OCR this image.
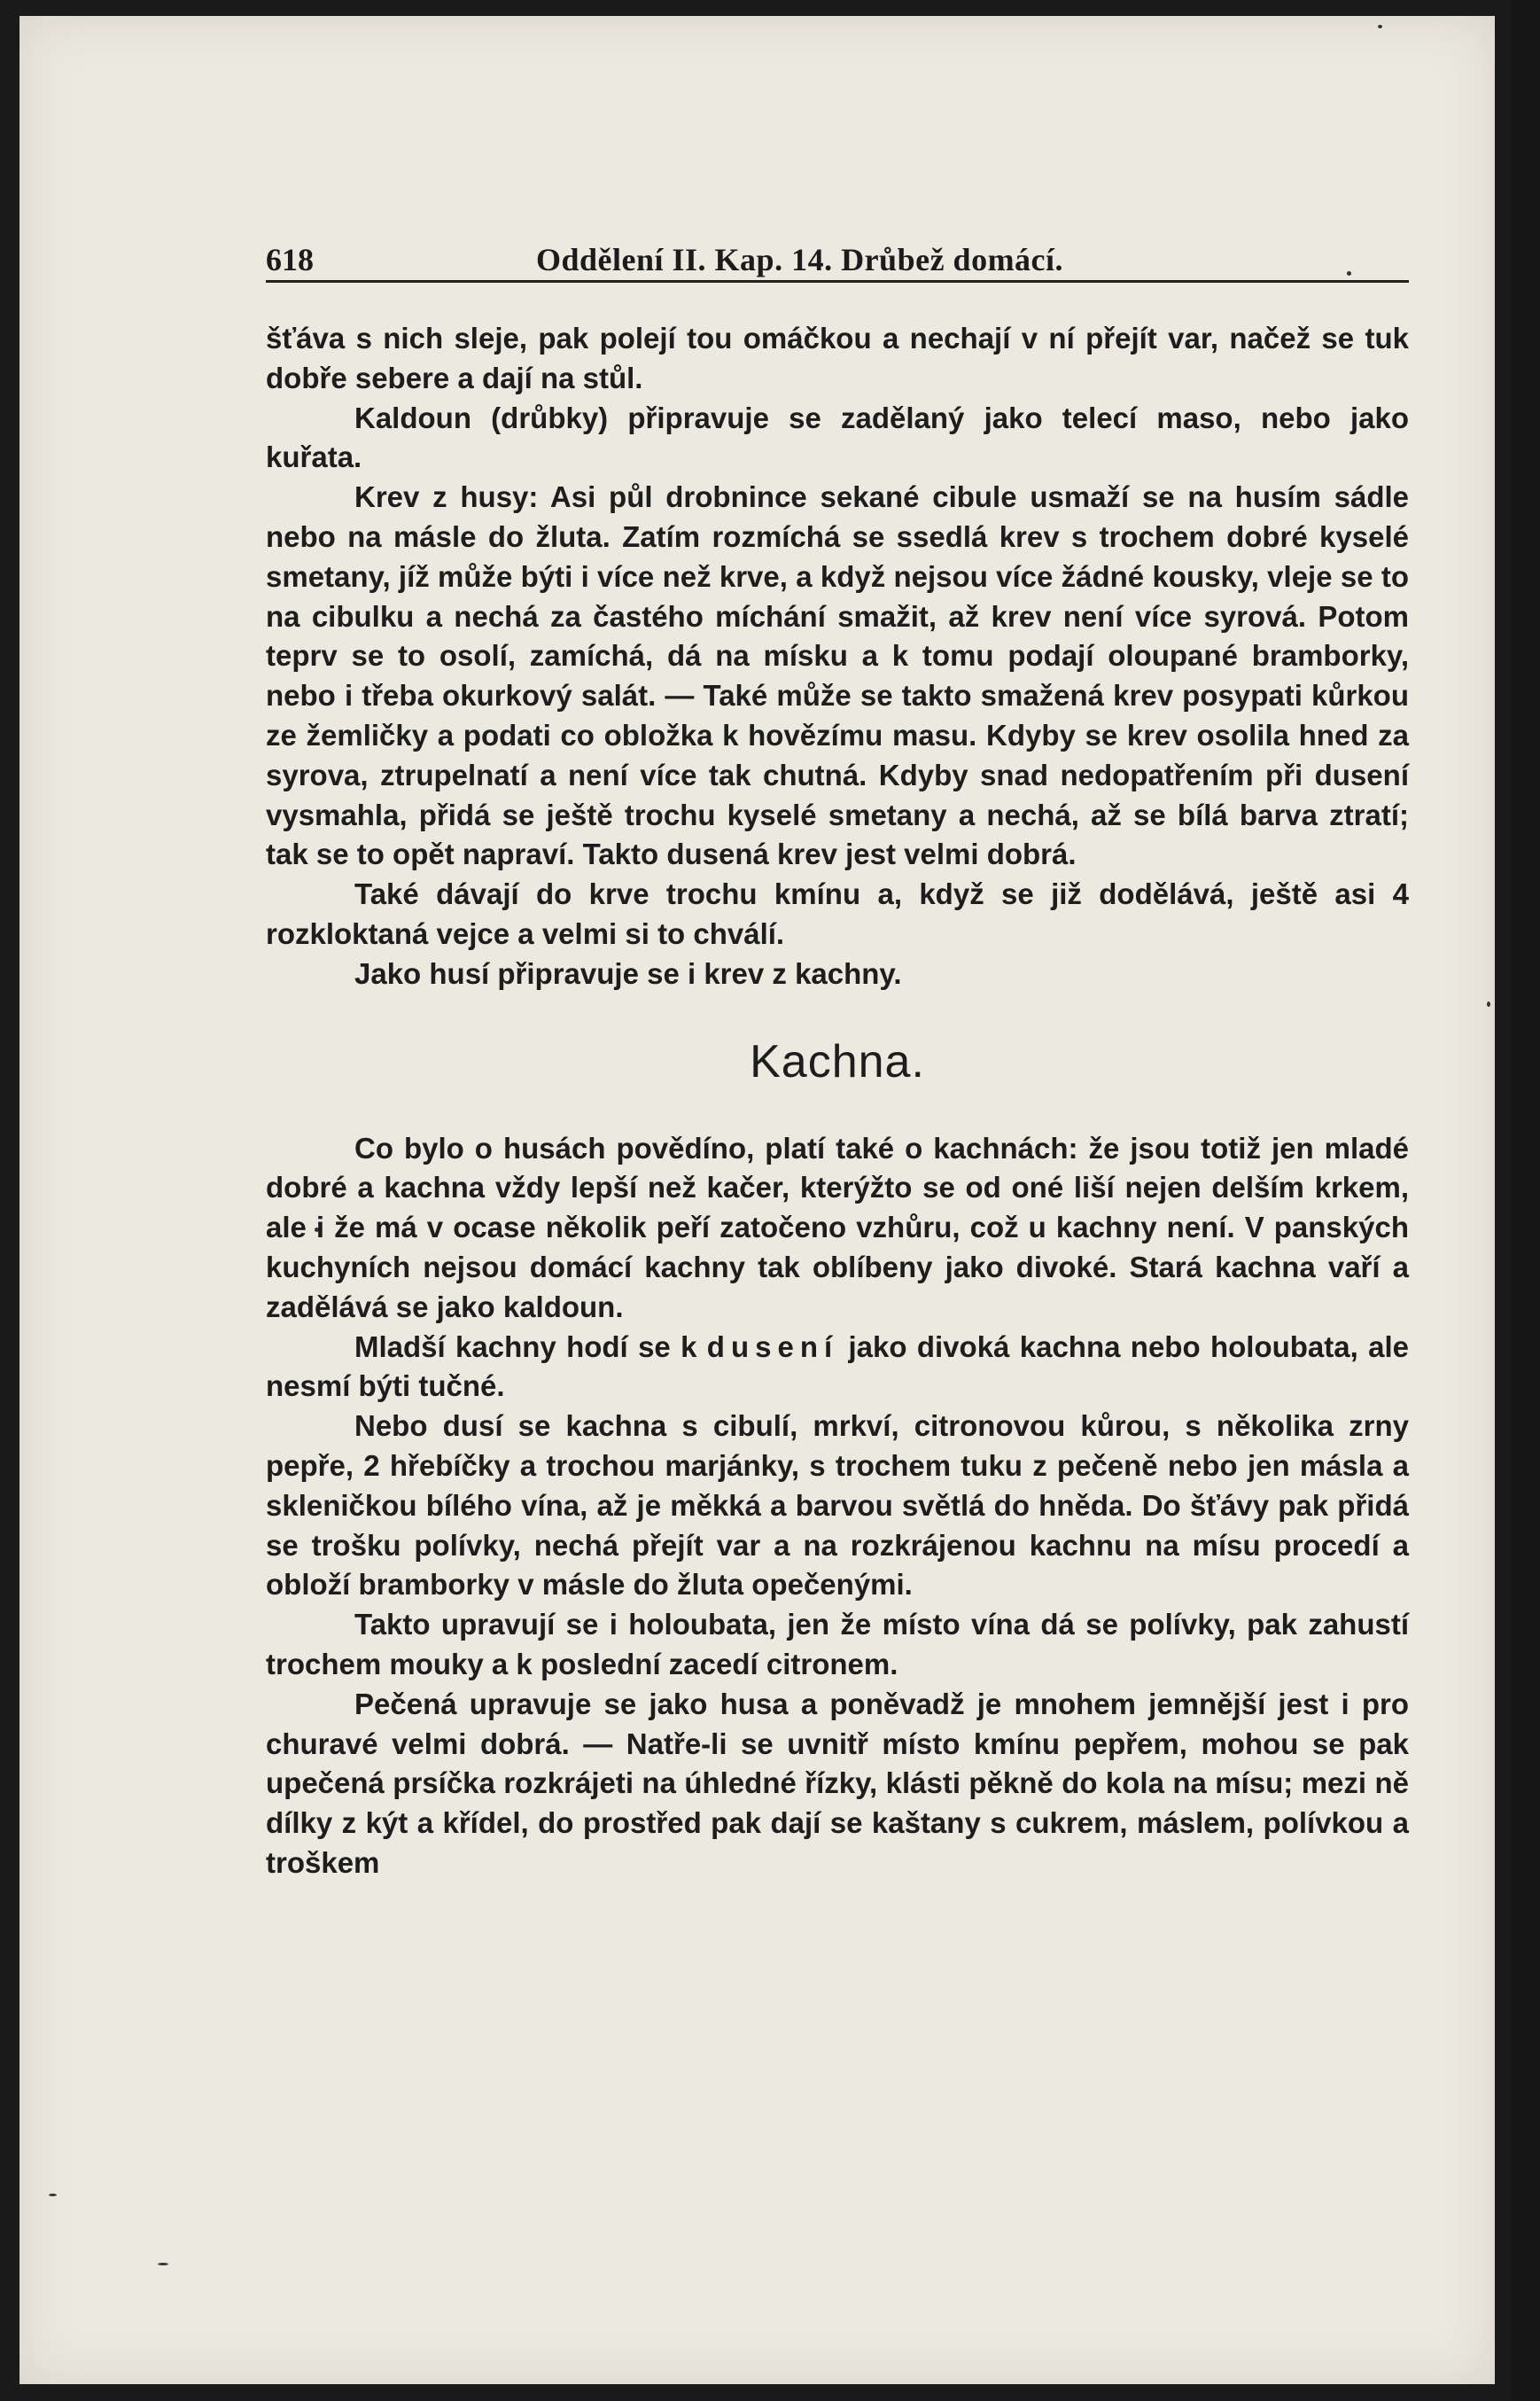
618	Oddělení II. Kap. 14. Drůbež domácí.

šťáva s nich sleje, pak polejí tou omáčkou a nechají v ní přejít var, načež se tuk dobře sebere a dají na stůl.

Kaldoun (drůbky) připravuje se zadělaný jako telecí maso, nebo jako kuřata.

Krev z husy: Asi půl drobnince sekané cibule usmaží se na husím sádle nebo na másle do žluta. Zatím rozmíchá se ssedlá krev s trochem dobré kyselé smetany, jíž může býti i více než krve, a když nejsou více žádné kousky, vleje se to na cibulku a nechá za častého míchání smažit, až krev není více syrová. Potom teprv se to osolí, zamíchá, dá na mísku a k tomu podají oloupané bramborky, nebo i třeba okurkový salát. — Také může se takto smažená krev posypati kůrkou ze žemličky a podati co obložka k hovězímu masu. Kdyby se krev osolila hned za syrova, ztrupelnatí a není více tak chutná. Kdyby snad nedopatřením při dusení vysmahla, přidá se ještě trochu kyselé smetany a nechá, až se bílá barva ztratí; tak se to opět napraví. Takto dusená krev jest velmi dobrá.

Také dávají do krve trochu kmínu a, když se již dodělává, ještě asi 4 rozkloktaná vejce a velmi si to chválí.

Jako husí připravuje se i krev z kachny.

Kachna.

Co bylo o husách povědíno, platí také o kachnách: že jsou totiž jen mladé dobré a kachna vždy lepší než kačer, kterýžto se od oné liší nejen delším krkem, ale i že má v ocase několik peří zatočeno vzhůru, což u kachny není. V panských kuchyních nejsou domácí kachny tak oblíbeny jako divoké. Stará kachna vaří a zadělává se jako kaldoun.

Mladší kachny hodí se k dusení jako divoká kachna nebo holoubata, ale nesmí býti tučné.

Nebo dusí se kachna s cibulí, mrkví, citronovou kůrou, s několika zrny pepře, 2 hřebíčky a trochou marjánky, s trochem tuku z pečeně nebo jen másla a skleničkou bílého vína, až je měkká a barvou světlá do hněda. Do šťávy pak přidá se trošku polívky, nechá přejít var a na rozkrájenou kachnu na mísu procedí a obloží bramborky v másle do žluta opečenými.

Takto upravují se i holoubata, jen že místo vína dá se polívky, pak zahustí trochem mouky a k poslední zacedí citronem.

Pečená upravuje se jako husa a poněvadž je mnohem jemnější jest i pro churavé velmi dobrá. — Natře-li se uvnitř místo kmínu pepřem, mohou se pak upečená prsíčka rozkrájeti na úhledné řízky, klásti pěkně do kola na mísu; mezi ně dílky z kýt a křídel, do prostřed pak dají se kaštany s cukrem, máslem, polívkou a troškem
